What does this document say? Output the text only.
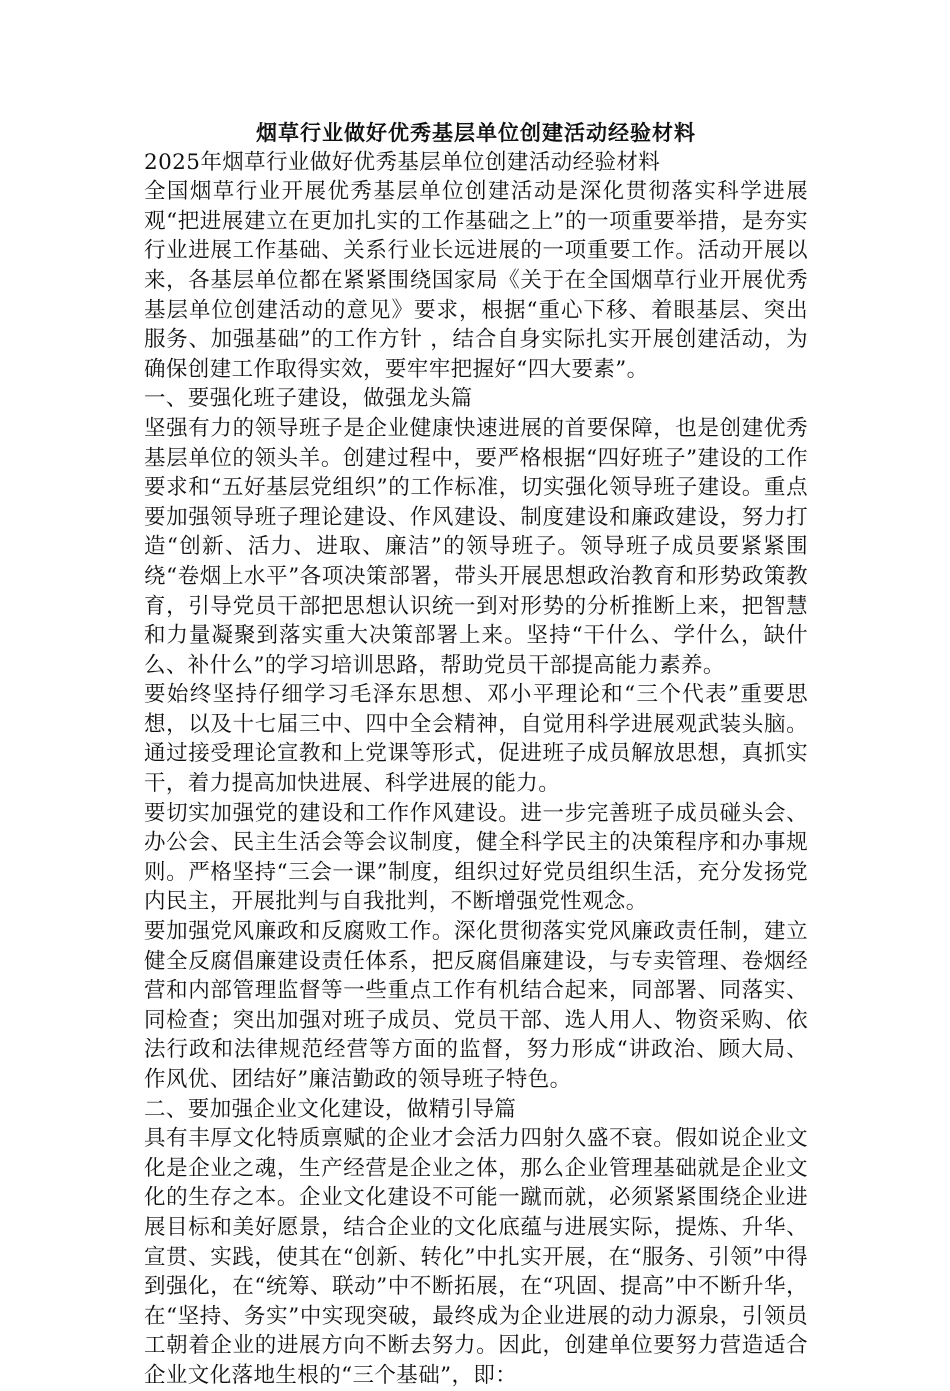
烟草行业做好优秀基层单位创建活动经验材料

2025年烟草行业做好优秀基层单位创建活动经验材料

全国烟草行业开展优秀基层单位创建活动是深化贯彻落实科学进展观“把进展建立在更加扎实的工作基础之上”的一项重要举措，是夯实行业进展工作基础、关系行业长远进展的一项重要工作。活动开展以来，各基层单位都在紧紧围绕国家局《关于在全国烟草行业开展优秀基层单位创建活动的意见》要求，根据“重心下移、着眼基层、突出服务、加强基础”的工作方针 ，结合自身实际扎实开展创建活动，为确保创建工作取得实效，要牢牢把握好“四大要素”。

一、要强化班子建设，做强龙头篇

坚强有力的领导班子是企业健康快速进展的首要保障，也是创建优秀基层单位的领头羊。创建过程中，要严格根据“四好班子”建设的工作要求和“五好基层党组织”的工作标准，切实强化领导班子建设。重点要加强领导班子理论建设、作风建设、制度建设和廉政建设，努力打造“创新、活力、进取、廉洁”的领导班子。领导班子成员要紧紧围绕“卷烟上水平”各项决策部署，带头开展思想政治教育和形势政策教育，引导党员干部把思想认识统一到对形势的分析推断上来，把智慧和力量凝聚到落实重大决策部署上来。坚持“干什么、学什么，缺什么、补什么”的学习培训思路，帮助党员干部提高能力素养。

要始终坚持仔细学习毛泽东思想、邓小平理论和“三个代表”重要思想，以及十七届三中、四中全会精神，自觉用科学进展观武装头脑。通过接受理论宣教和上党课等形式，促进班子成员解放思想，真抓实干，着力提高加快进展、科学进展的能力。

要切实加强党的建设和工作作风建设。进一步完善班子成员碰头会、办公会、民主生活会等会议制度，健全科学民主的决策程序和办事规则。严格坚持“三会一课”制度，组织过好党员组织生活，充分发扬党内民主，开展批判与自我批判，不断增强党性观念。

要加强党风廉政和反腐败工作。深化贯彻落实党风廉政责任制，建立健全反腐倡廉建设责任体系，把反腐倡廉建设，与专卖管理、卷烟经营和内部管理监督等一些重点工作有机结合起来，同部署、同落实、同检查；突出加强对班子成员、党员干部、选人用人、物资采购、依法行政和法律规范经营等方面的监督，努力形成“讲政治、顾大局、作风优、团结好”廉洁勤政的领导班子特色。

二、要加强企业文化建设，做精引导篇

具有丰厚文化特质禀赋的企业才会活力四射久盛不衰。假如说企业文化是企业之魂，生产经营是企业之体，那么企业管理基础就是企业文化的生存之本。企业文化建设不可能一蹴而就，必须紧紧围绕企业进展目标和美好愿景，结合企业的文化底蕴与进展实际，提炼、升华、宣贯、实践，使其在“创新、转化”中扎实开展，在“服务、引领”中得到强化，在“统筹、联动”中不断拓展，在“巩固、提高”中不断升华，在“坚持、务实”中实现突破，最终成为企业进展的动力源泉，引领员工朝着企业的进展方向不断去努力。因此，创建单位要努力营造适合企业文化落地生根的“三个基础”，即：
